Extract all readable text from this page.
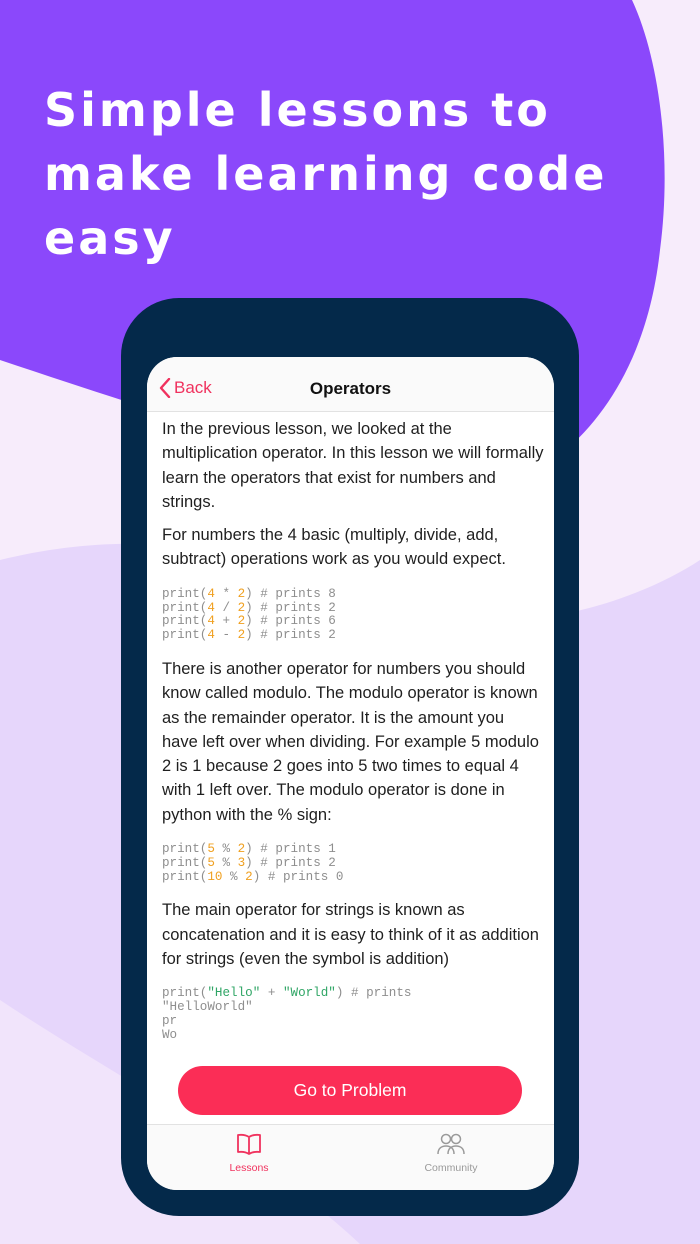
Simple lessons to make learning code easy
Back	Operators

In the previous lesson, we looked at the multiplication operator. In this lesson we will formally learn the operators that exist for numbers and strings.

For numbers the 4 basic (multiply, divide, add, subtract) operations work as you would expect.

print(4 * 2) # prints 8
print(4 / 2) # prints 2
print(4 + 2) # prints 6
print(4 - 2) # prints 2

There is another operator for numbers you should know called modulo. The modulo operator is known as the remainder operator. It is the amount you have left over when dividing. For example 5 modulo 2 is 1 because 2 goes into 5 two times to equal 4 with 1 left over. The modulo operator is done in python with the % sign:

print(5 % 2) # prints 1
print(5 % 3) # prints 2
print(10 % 2) # prints 0

The main operator for strings is known as concatenation and it is easy to think of it as addition for strings (even the symbol is addition)

print("Hello" + "World") # prints
"HelloWorld"
pr
Wo
Go to Problem
Lessons	Community
